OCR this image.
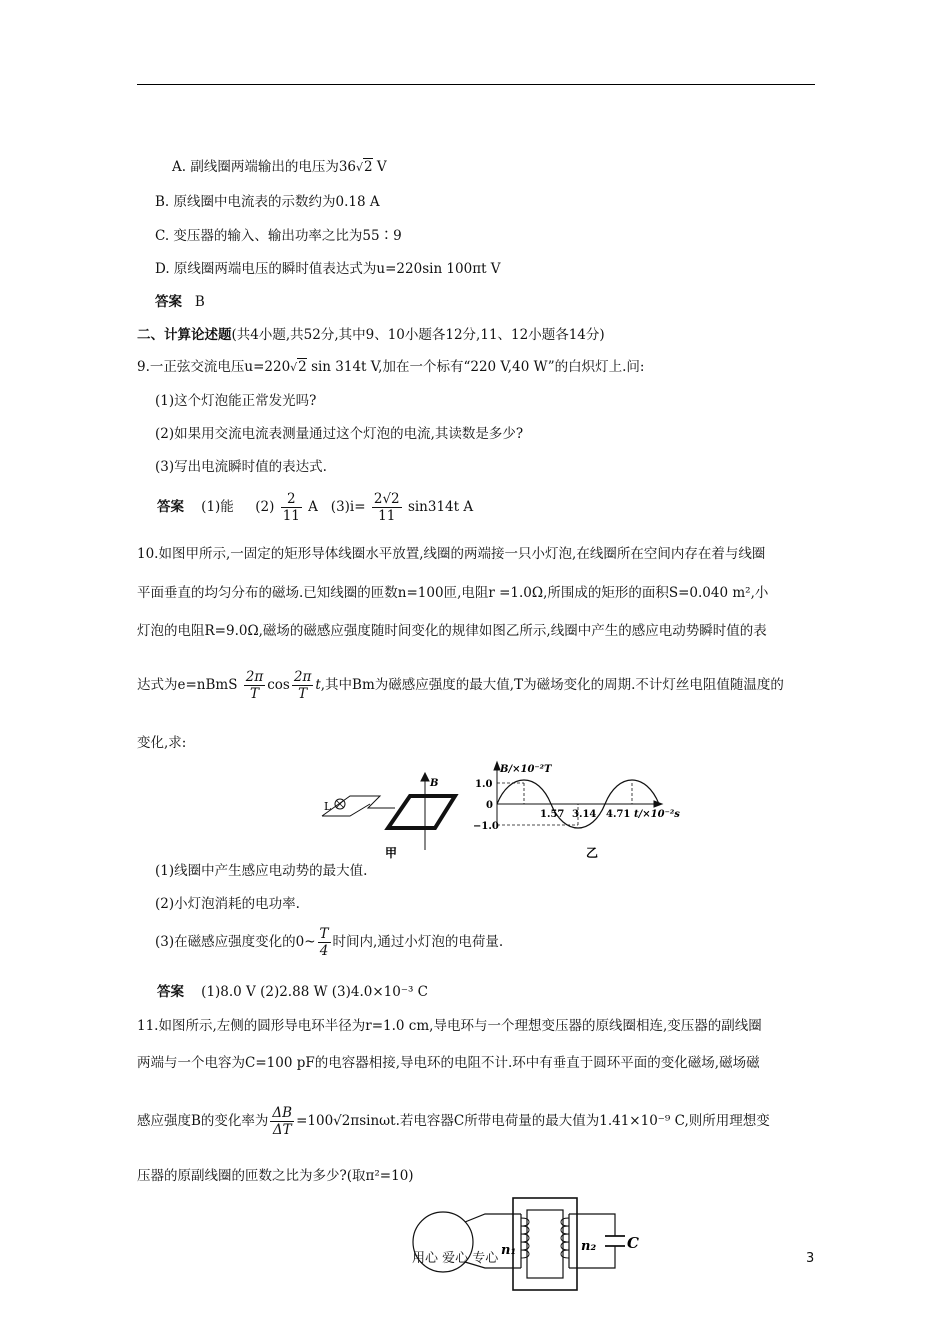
A. 副线圈两端输出的电压为36√2 V
B. 原线圈中电流表的示数约为0.18 A
C. 变压器的输入、输出功率之比为55∶9
D. 原线圈两端电压的瞬时值表达式为u=220sin 100πt V
答案 B
二、计算论述题(共4小题,共52分,其中9、10小题各12分,11、12小题各14分)
9.一正弦交流电压u=220√2 sin 314t V,加在一个标有“220 V,40 W”的白炽灯上.问:
(1)这个灯泡能正常发光吗?
(2)如果用交流电流表测量通过这个灯泡的电流,其读数是多少?
(3)写出电流瞬时值的表达式.
答案 (1)能 $(2) \frac{2}{11}$ A $(3)i= \frac{2√2}{11} \sin 314t$ A
10.如图甲所示,一固定的矩形导体线圈水平放置,线圈的两端接一只小灯泡,在线圈所在空间内存在着与线圈
平面垂直的均匀分布的磁场.已知线圈的匝数n=100匝,电阻r =1.0Ω,所围成的矩形的面积S=0.040 m²,小
灯泡的电阻R=9.0Ω,磁场的磁感应强度随时间变化的规律如图乙所示,线圈中产生的感应电动势瞬时值的表
达式为e=nBmS $\frac{2\pi}{T}$ $\cos \frac{2\pi}{T} t$,其中Bm为磁感应强度的最大值,T为磁场变化的周期.不计灯丝电阻值随温度的
变化,求:
L
B
甲	乙
B/×10⁻²T
1.0
0
−1.0
1.57 3.14 4.71 t/×10⁻²s
(1)线圈中产生感应电动势的最大值.
(2)小灯泡消耗的电功率.
(3)在磁感应强度变化的0~ $\frac{T}{4}$ 时间内,通过小灯泡的电荷量.
答案 (1)8.0 V (2)2.88 W (3)4.0×10⁻³ C
11.如图所示,左侧的圆形导电环半径为r=1.0 cm,导电环与一个理想变压器的原线圈相连,变压器的副线圈
两端与一个电容为C=100 pF的电容器相接,导电环的电阻不计.环中有垂直于圆环平面的变化磁场,磁场磁
感应强度B的变化率为 $\frac{\Delta B}{\Delta T} =100√2\pi\sin\omega t$.若电容器C所带电荷量的最大值为1.41×10⁻⁹ C,则所用理想变
压器的原副线圈的匝数之比为多少?(取π²=10)
n₁	n₂ C
用心 爱心 专心	3
